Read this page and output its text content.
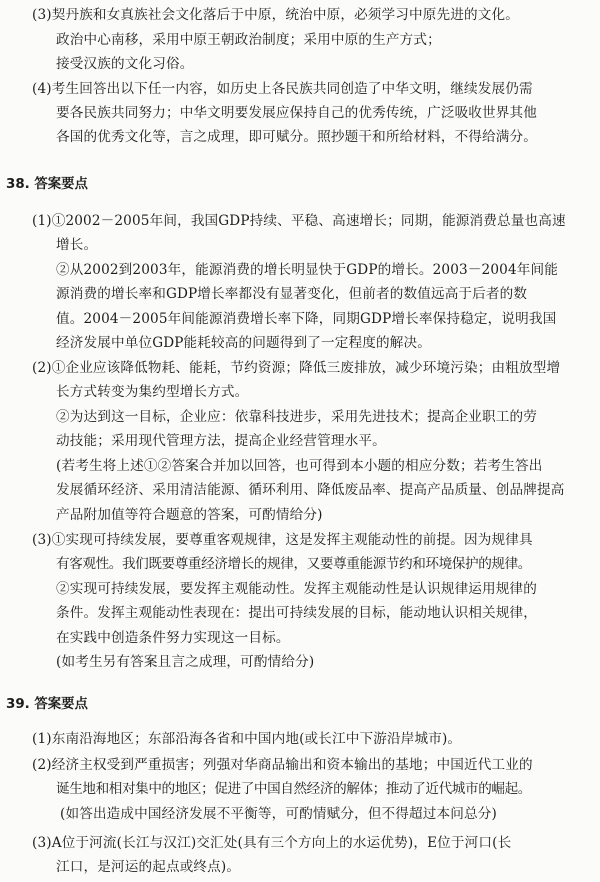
(3)契丹族和女真族社会文化落后于中原，统治中原，必须学习中原先进的文化。
政治中心南移，采用中原王朝政治制度；采用中原的生产方式；
接受汉族的文化习俗。
(4)考生回答出以下任一内容，如历史上各民族共同创造了中华文明，继续发展仍需
要各民族共同努力；中华文明要发展应保持自己的优秀传统，广泛吸收世界其他
各国的优秀文化等，言之成理，即可赋分。照抄题干和所给材料，不得给满分。
38. 答案要点
(1)①2002－2005年间，我国GDP持续、平稳、高速增长；同期，能源消费总量也高速
增长。
②从2002到2003年，能源消费的增长明显快于GDP的增长。2003－2004年间能
源消费的增长率和GDP增长率都没有显著变化，但前者的数值远高于后者的数
值。2004－2005年间能源消费增长率下降，同期GDP增长率保持稳定，说明我国
经济发展中单位GDP能耗较高的问题得到了一定程度的解决。
(2)①企业应该降低物耗、能耗，节约资源；降低三废排放，减少环境污染；由粗放型增
长方式转变为集约型增长方式。
②为达到这一目标，企业应：依靠科技进步，采用先进技术；提高企业职工的劳
动技能；采用现代管理方法，提高企业经营管理水平。
(若考生将上述①②答案合并加以回答，也可得到本小题的相应分数；若考生答出
发展循环经济、采用清洁能源、循环利用、降低废品率、提高产品质量、创品牌提高
产品附加值等符合题意的答案，可酌情给分)
(3)①实现可持续发展，要尊重客观规律，这是发挥主观能动性的前提。因为规律具
有客观性。我们既要尊重经济增长的规律，又要尊重能源节约和环境保护的规律。
②实现可持续发展，要发挥主观能动性。发挥主观能动性是认识规律运用规律的
条件。发挥主观能动性表现在：提出可持续发展的目标，能动地认识相关规律，
在实践中创造条件努力实现这一目标。
(如考生另有答案且言之成理，可酌情给分)
39. 答案要点
(1)东南沿海地区；东部沿海各省和中国内地(或长江中下游沿岸城市)。
(2)经济主权受到严重损害；列强对华商品输出和资本输出的基地；中国近代工业的
诞生地和相对集中的地区；促进了中国自然经济的解体；推动了近代城市的崛起。
(如答出造成中国经济发展不平衡等，可酌情赋分，但不得超过本问总分)
(3)A位于河流(长江与汉江)交汇处(具有三个方向上的水运优势)，E位于河口(长
江口，是河运的起点或终点)。
